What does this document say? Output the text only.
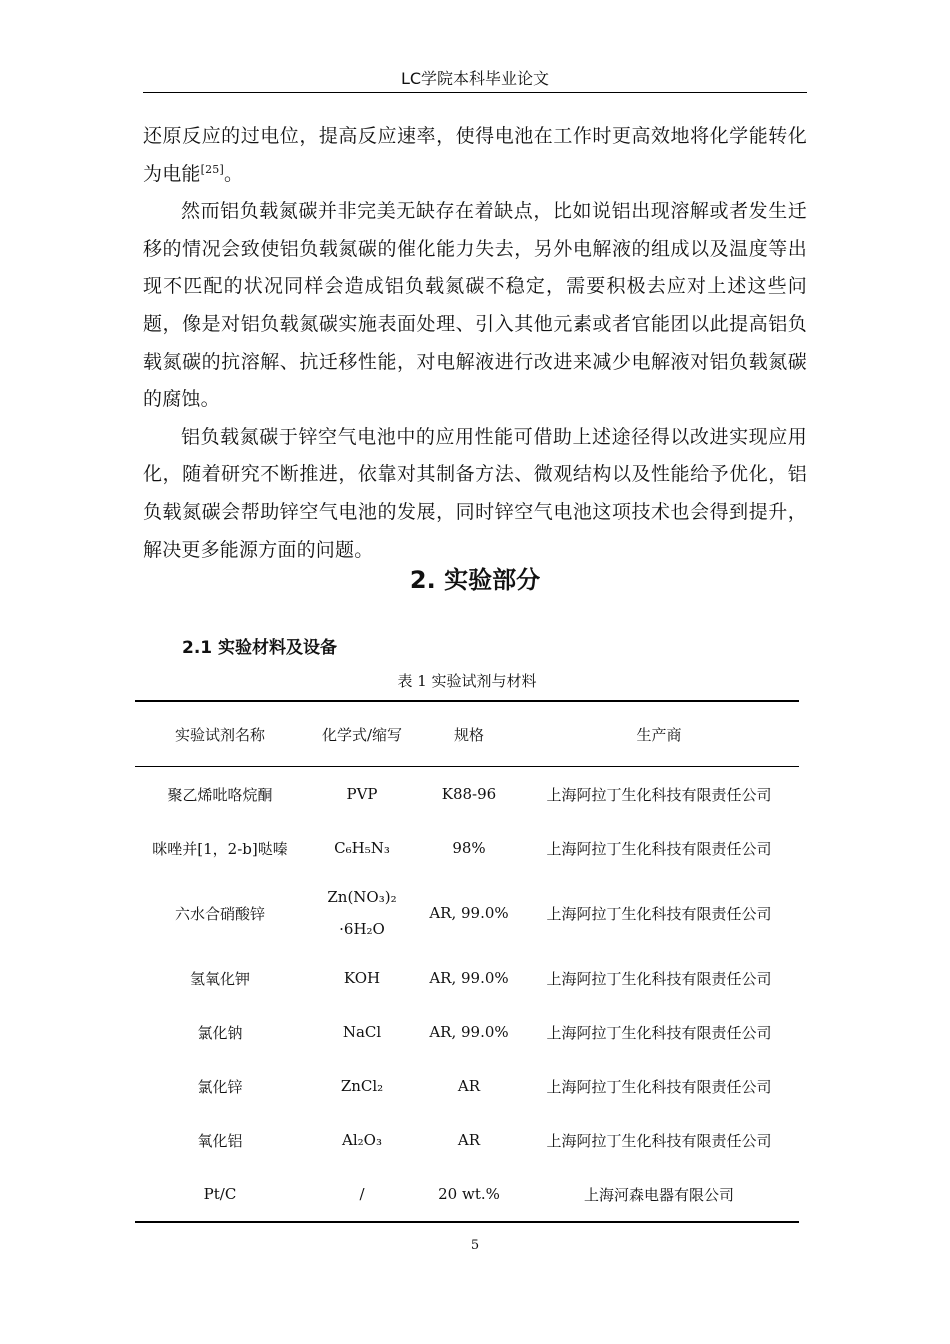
LC学院本科毕业论文

还原反应的过电位，提高反应速率，使得电池在工作时更高效地将化学能转化为电能[25]。

然而铝负载氮碳并非完美无缺存在着缺点，比如说铝出现溶解或者发生迁移的情况会致使铝负载氮碳的催化能力失去，另外电解液的组成以及温度等出现不匹配的状况同样会造成铝负载氮碳不稳定，需要积极去应对上述这些问题，像是对铝负载氮碳实施表面处理、引入其他元素或者官能团以此提高铝负载氮碳的抗溶解、抗迁移性能，对电解液进行改进来减少电解液对铝负载氮碳的腐蚀。

铝负载氮碳于锌空气电池中的应用性能可借助上述途径得以改进实现应用化，随着研究不断推进，依靠对其制备方法、微观结构以及性能给予优化，铝负载氮碳会帮助锌空气电池的发展，同时锌空气电池这项技术也会得到提升，解决更多能源方面的问题。

2. 实验部分
2.1 实验材料及设备
表 1 实验试剂与材料
实验试剂名称	化学式/缩写	规格	生产商
聚乙烯吡咯烷酮	PVP	K88-96	上海阿拉丁生化科技有限责任公司
咪唑并[1，2-b]哒嗪	C₆H₅N₃	98%	上海阿拉丁生化科技有限责任公司
六水合硝酸锌	Zn(NO₃)₂
·6H₂O	AR, 99.0%	上海阿拉丁生化科技有限责任公司
氢氧化钾	KOH	AR, 99.0%	上海阿拉丁生化科技有限责任公司
氯化钠	NaCl	AR, 99.0%	上海阿拉丁生化科技有限责任公司
氯化锌	ZnCl₂	AR	上海阿拉丁生化科技有限责任公司
氧化铝	Al₂O₃	AR	上海阿拉丁生化科技有限责任公司
Pt/C	/	20 wt.%	上海河森电器有限公司
5
